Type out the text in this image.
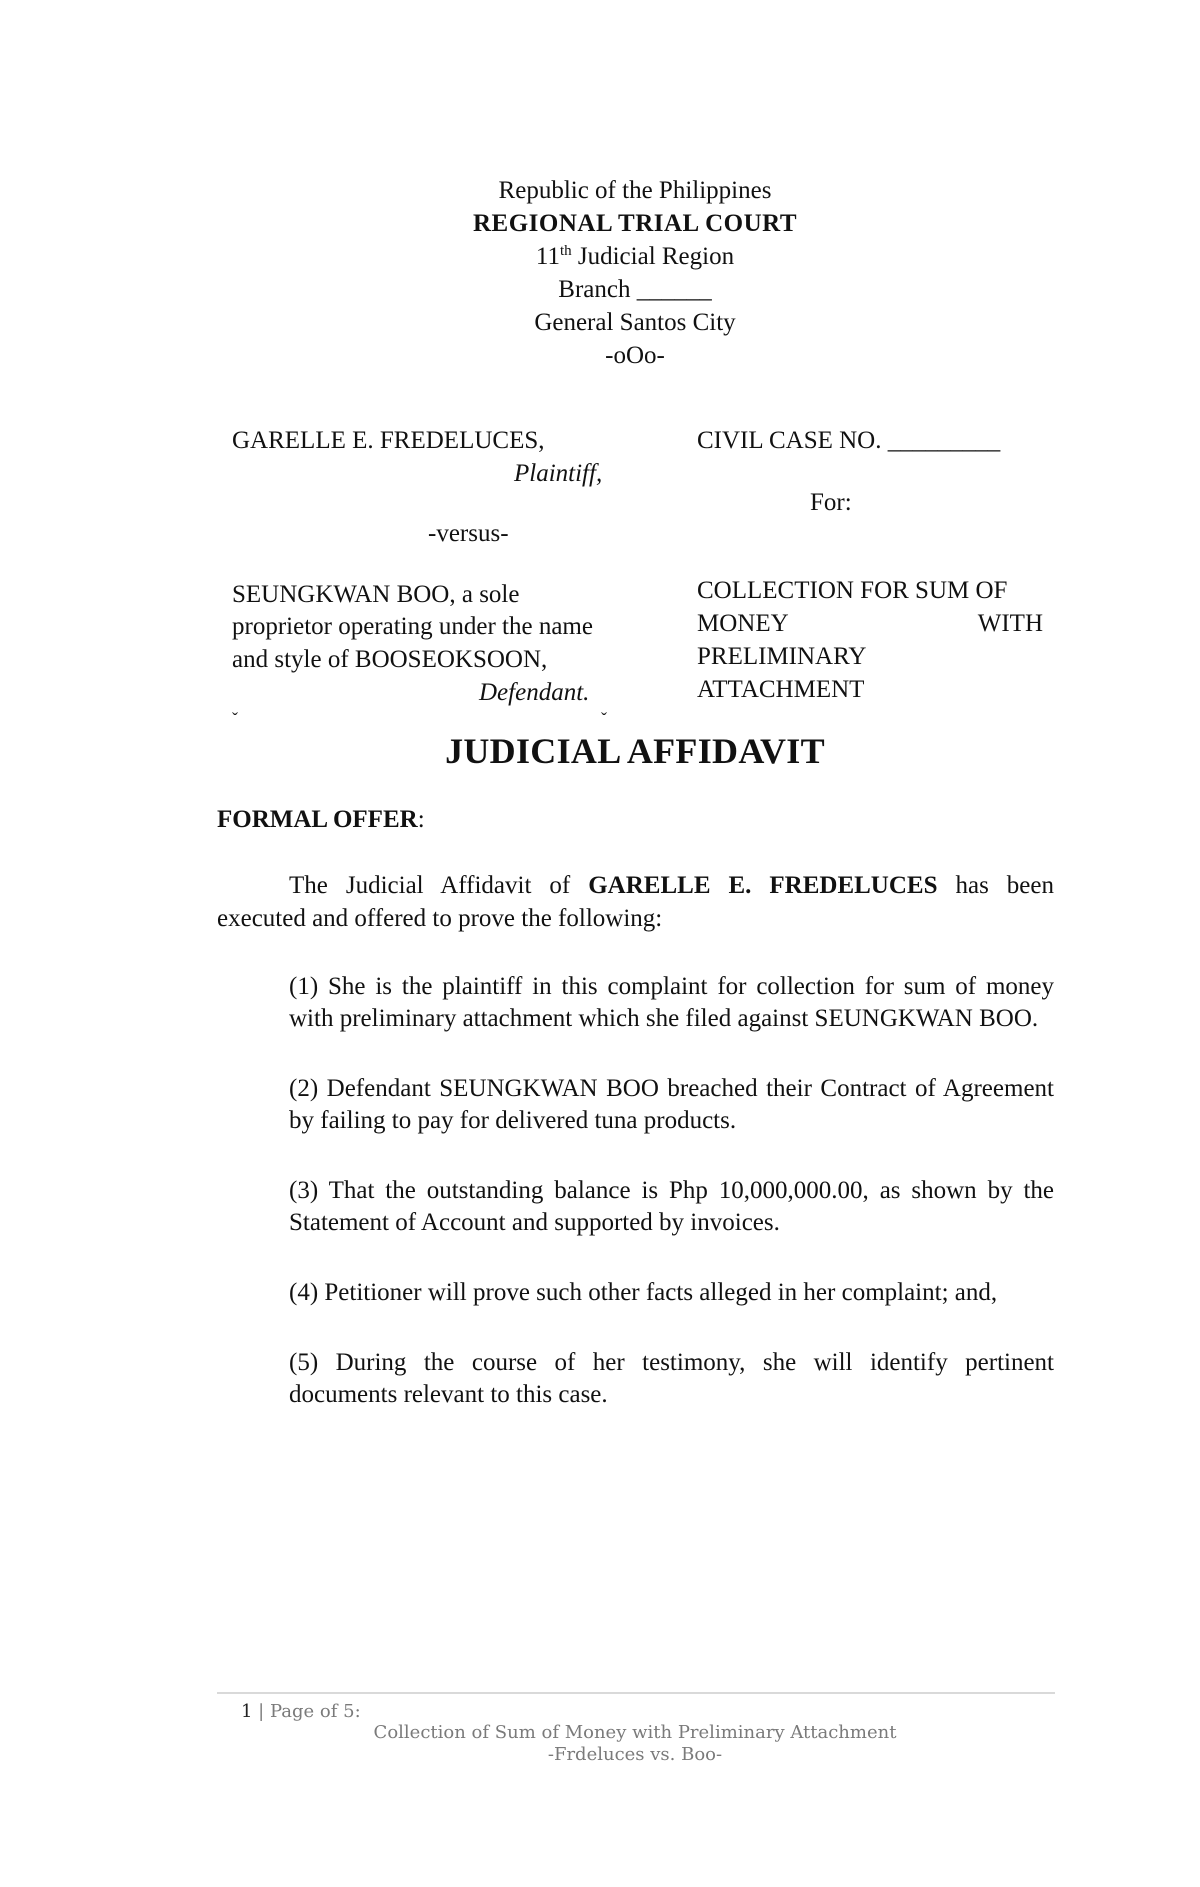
Republic of the Philippines
REGIONAL TRIAL COURT
11th Judicial Region
Branch ______
General Santos City
-oOo-
GARELLE E. FREDELUCES,
Plaintiff,
-versus-
SEUNGKWAN BOO, a sole
proprietor operating under the name
and style of BOOSEOKSOON,
Defendant.
ˇ	ˇ
CIVIL CASE NO. _________
For:
COLLECTION FOR SUM OF
MONEY	WITH
PRELIMINARY
ATTACHMENT
JUDICIAL AFFIDAVIT
FORMAL OFFER:
The Judicial Affidavit of GARELLE E. FREDELUCES has been executed and offered to prove the following:

(1) She is the plaintiff in this complaint for collection for sum of money with preliminary attachment which she filed against SEUNGKWAN BOO.

(2) Defendant SEUNGKWAN BOO breached their Contract of Agreement by failing to pay for delivered tuna products.

(3) That the outstanding balance is Php 10,000,000.00, as shown by the Statement of Account and supported by invoices.

(4) Petitioner will prove such other facts alleged in her complaint; and,

(5) During the course of her testimony, she will identify pertinent documents relevant to this case.

1 | Page of 5:
Collection of Sum of Money with Preliminary Attachment
-Frdeluces vs. Boo-
